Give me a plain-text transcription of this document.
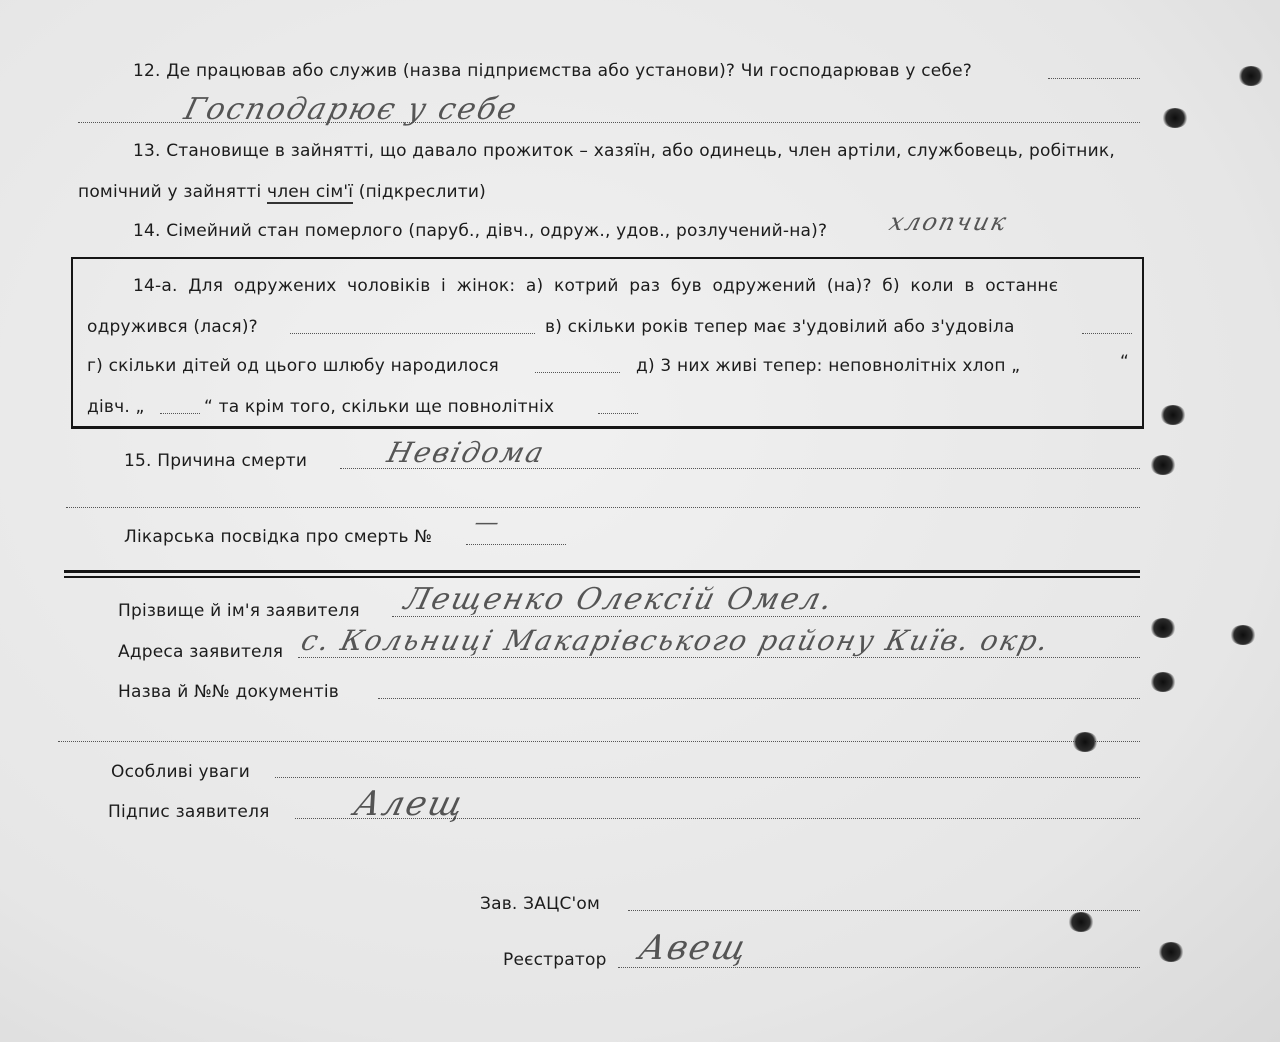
12. Де працював або служив (назва підприємства або установи)? Чи господарював у себе?
Господарює у себе
13. Становище в зайнятті, що давало прожиток – хазяїн, або одинець, член артіли, службовець, робітник,
помічний у зайнятті член сім'ї (підкреслити)
14. Сімейний стан померлого (паруб., дівч., одруж., удов., розлучений-на)? хлопчик
14-а. Для одружених чоловіків і жінок: а) котрий раз був одружений (на)? б) коли в останнє
одружився (лася)?	в) скільки років тепер має з'удовілий або з'удовіла
г) скільки дітей од цього шлюбу народилося	д) 3 них живі тепер: неповнолітніх хлоп „	“
дівч. „	“ та крім того, скільки ще повнолітніх
15. Причина смерти	Невідома
Лікарська посвідка про смерть №
—
Прізвище й ім'я заявителя Лещенко Олексій Омел.
Адреса заявителя с. Кольниці Макарівського району Київ. окр.
Назва й №№ документів
Особливі уваги
Підпис заявителя Алещ
Зав. ЗАЦС'ом
Реєстратор Авещ
